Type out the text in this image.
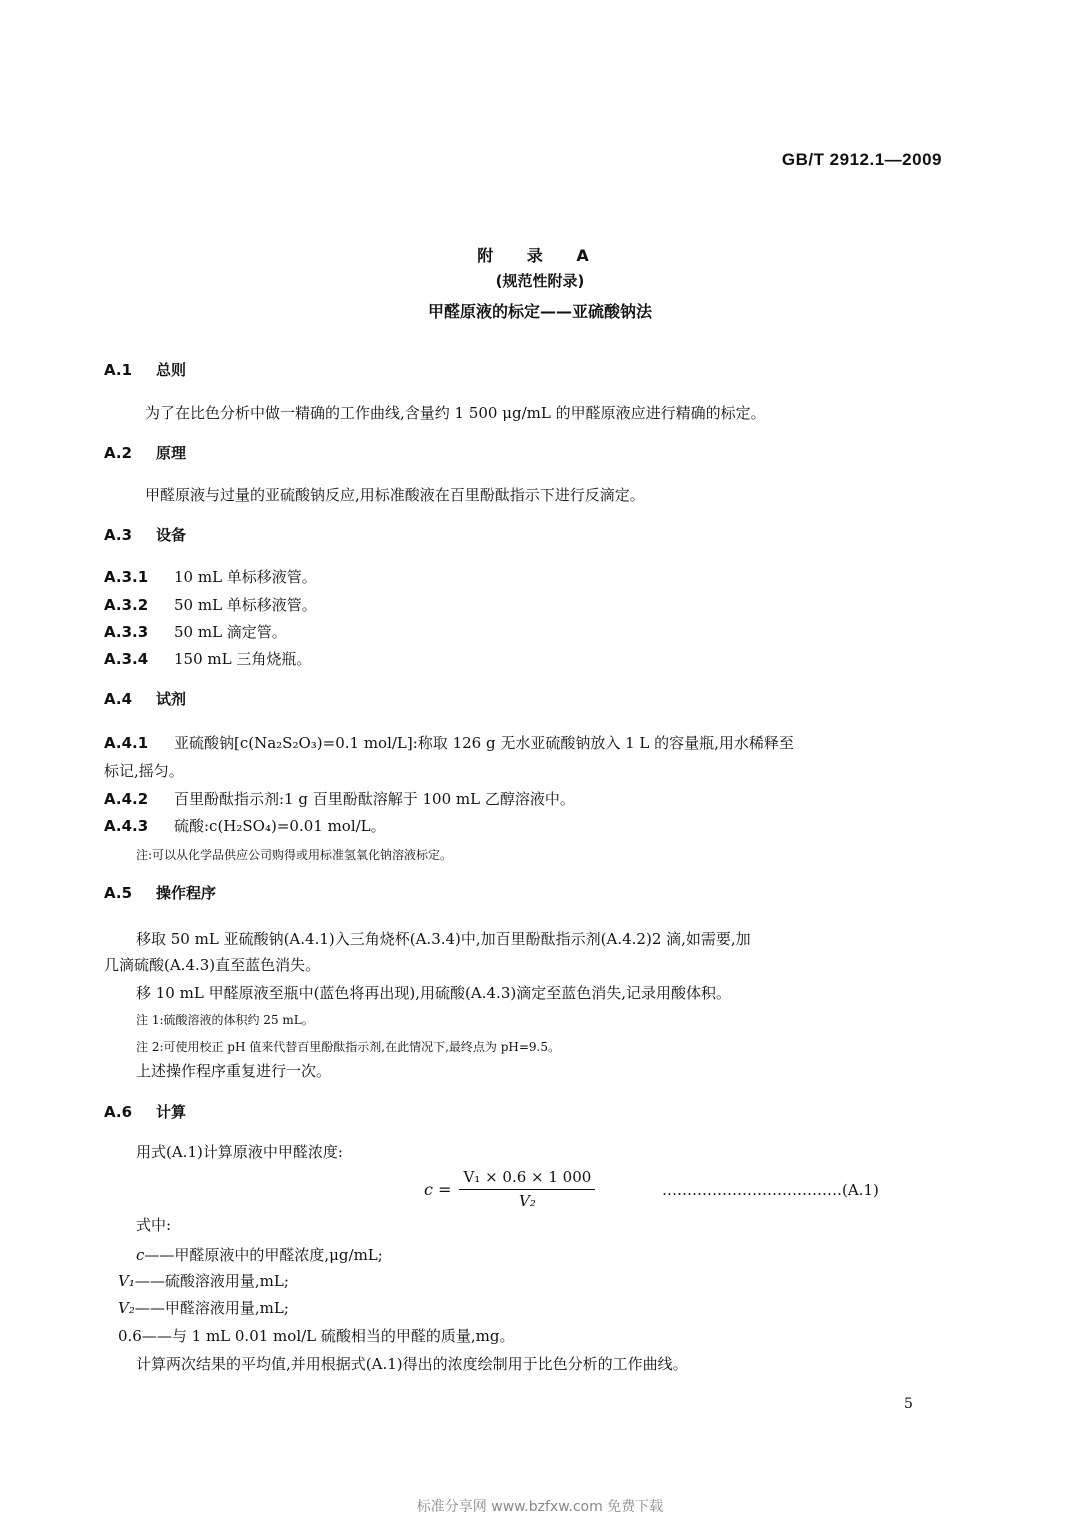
GB/T 2912.1—2009
附 录 A
(规范性附录)
甲醛原液的标定——亚硫酸钠法
A.1 总则
为了在比色分析中做一精确的工作曲线,含量约 1 500 μg/mL 的甲醛原液应进行精确的标定。
A.2 原理
甲醛原液与过量的亚硫酸钠反应,用标准酸液在百里酚酞指示下进行反滴定。
A.3 设备
A.3.1 10 mL 单标移液管。
A.3.2 50 mL 单标移液管。
A.3.3 50 mL 滴定管。
A.3.4 150 mL 三角烧瓶。
A.4 试剂
A.4.1 亚硫酸钠[c(Na₂S₂O₃)=0.1 mol/L]:称取 126 g 无水亚硫酸钠放入 1 L 的容量瓶,用水稀释至
标记,摇匀。
A.4.2 百里酚酞指示剂:1 g 百里酚酞溶解于 100 mL 乙醇溶液中。
A.4.3 硫酸:c(H₂SO₄)=0.01 mol/L。
注:可以从化学品供应公司购得或用标准氢氧化钠溶液标定。
A.5 操作程序
移取 50 mL 亚硫酸钠(A.4.1)入三角烧杯(A.3.4)中,加百里酚酞指示剂(A.4.2)2 滴,如需要,加
几滴硫酸(A.4.3)直至蓝色消失。
移 10 mL 甲醛原液至瓶中(蓝色将再出现),用硫酸(A.4.3)滴定至蓝色消失,记录用酸体积。
注 1:硫酸溶液的体积约 25 mL。
注 2:可使用校正 pH 值来代替百里酚酞指示剂,在此情况下,最终点为 pH=9.5。
上述操作程序重复进行一次。
A.6 计算
用式(A.1)计算原液中甲醛浓度:
$c = \frac{\text{V₁ × 0.6 × 1 000}}{\text{V₂}}$	………………………………(A.1)
式中:
c——甲醛原液中的甲醛浓度,μg/mL;
V₁——硫酸溶液用量,mL;
V₂——甲醛溶液用量,mL;
0.6——与 1 mL 0.01 mol/L 硫酸相当的甲醛的质量,mg。
计算两次结果的平均值,并用根据式(A.1)得出的浓度绘制用于比色分析的工作曲线。
5
标准分享网 www.bzfxw.com 免费下载
